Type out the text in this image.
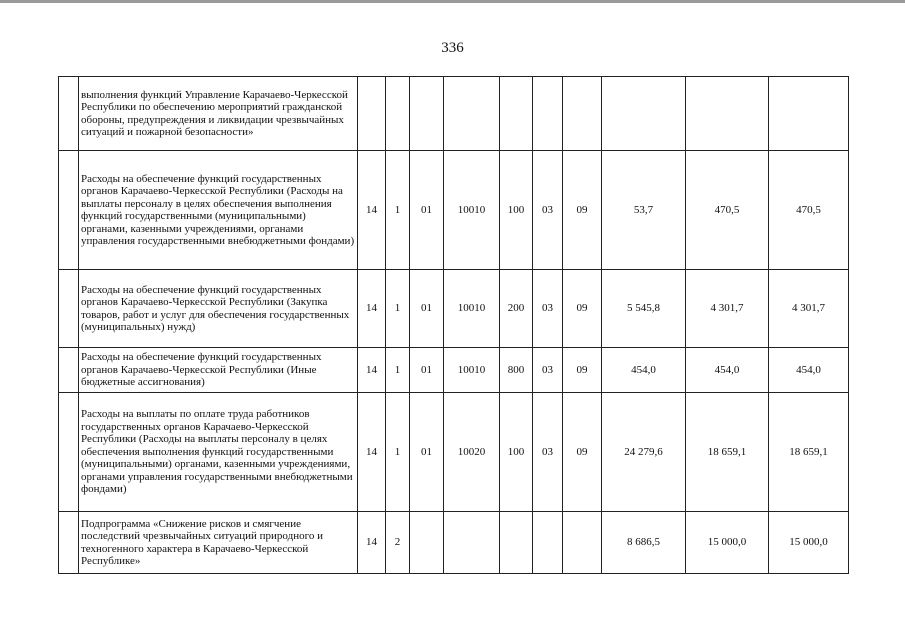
336
	выполнения функций Управление Карачаево-Черкесской Республики по обеспечению мероприятий гражданской обороны, предупреждения и ликвидации чрезвычайных ситуаций и пожарной безопасности»										
	Расходы на обеспечение функций государственных органов Карачаево-Черкесской Республики (Расходы на выплаты персоналу в целях обеспечения выполнения функций государственными (муниципальными) органами, казенными учреждениями, органами управления государственными внебюджетными фондами)	14	1	01	10010	100	03	09	53,7	470,5	470,5
	Расходы на обеспечение функций государственных органов Карачаево-Черкесской Республики (Закупка товаров, работ и услуг для обеспечения государственных (муниципальных) нужд)	14	1	01	10010	200	03	09	5 545,8	4 301,7	4 301,7
	Расходы на обеспечение функций государственных органов Карачаево-Черкесской Республики (Иные бюджетные ассигнования)	14	1	01	10010	800	03	09	454,0	454,0	454,0
	Расходы на выплаты по оплате труда работников государственных органов Карачаево-Черкесской Республики (Расходы на выплаты персоналу в целях обеспечения выполнения функций государственными (муниципальными) органами, казенными учреждениями, органами управления государственными внебюджетными фондами)	14	1	01	10020	100	03	09	24 279,6	18 659,1	18 659,1
	Подпрограмма «Снижение рисков и смягчение последствий чрезвычайных ситуаций природного и техногенного характера в Карачаево-Черкесской Республике»	14	2						8 686,5	15 000,0	15 000,0
